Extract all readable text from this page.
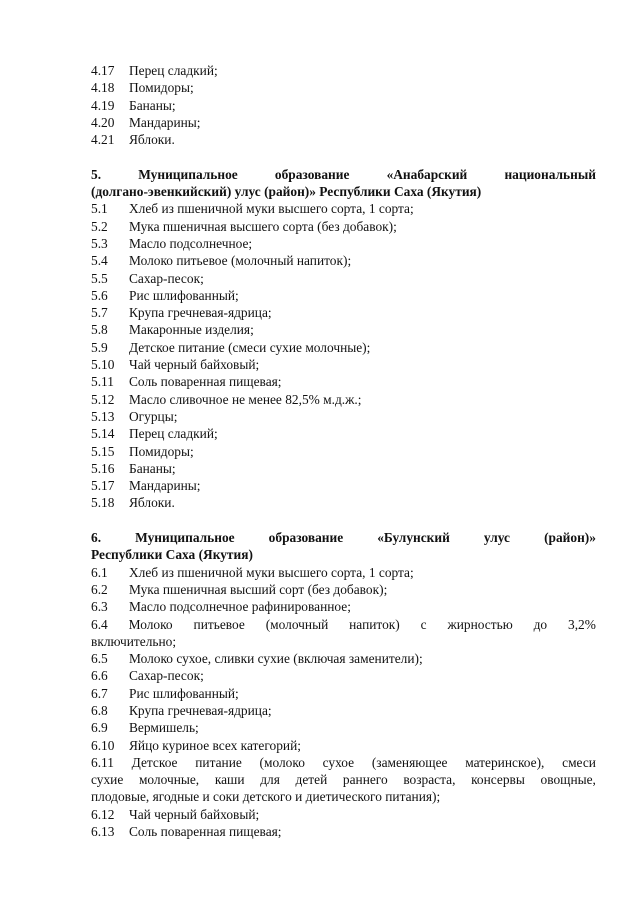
4.17 Перец сладкий;
4.18 Помидоры;
4.19 Бананы;
4.20 Мандарины;
4.21 Яблоки.
5.	Муниципальное	образование	«Анабарский	национальный
(долгано-эвенкийский) улус (район)» Республики Саха (Якутия)
5.1 Хлеб из пшеничной муки высшего сорта, 1 сорта;
5.2 Мука пшеничная высшего сорта (без добавок);
5.3 Масло подсолнечное;
5.4 Молоко питьевое (молочный напиток);
5.5 Сахар-песок;
5.6 Рис шлифованный;
5.7 Крупа гречневая-ядрица;
5.8 Макаронные изделия;
5.9 Детское питание (смеси сухие молочные);
5.10 Чай черный байховый;
5.11 Соль поваренная пищевая;
5.12 Масло сливочное не менее 82,5% м.д.ж.;
5.13 Огурцы;
5.14 Перец сладкий;
5.15 Помидоры;
5.16 Бананы;
5.17 Мандарины;
5.18 Яблоки.
6.	Муниципальное	образование	«Булунский	улус	(район)»
Республики Саха (Якутия)
6.1 Хлеб из пшеничной муки высшего сорта, 1 сорта;
6.2 Мука пшеничная высший сорт (без добавок);
6.3 Масло подсолнечное рафинированное;
6.4 Молоко питьевое (молочный напиток) с жирностью до 3,2%
включительно;
6.5 Молоко сухое, сливки сухие (включая заменители);
6.6 Сахар-песок;
6.7 Рис шлифованный;
6.8 Крупа гречневая-ядрица;
6.9 Вермишель;
6.10 Яйцо куриное всех категорий;
6.11 Детское питание (молоко сухое (заменяющее материнское), смеси
сухие молочные, каши для детей раннего возраста, консервы овощные,
плодовые, ягодные и соки детского и диетического питания);
6.12 Чай черный байховый;
6.13 Соль поваренная пищевая;
